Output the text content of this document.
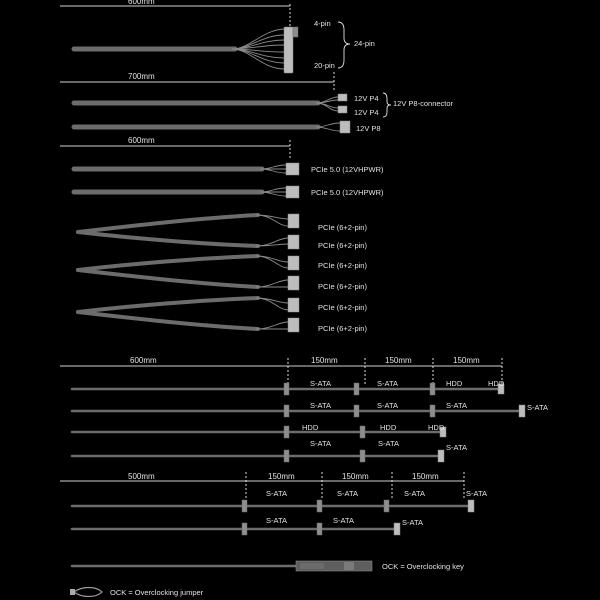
600mm
4-pin
24-pin
20-pin
700mm
12V P4
12V P4
12V P8-connector
12V P8
600mm
PCIe 5.0 (12VHPWR)
PCIe 5.0 (12VHPWR)
PCIe (6+2-pin)
PCIe (6+2-pin)
PCIe (6+2-pin)
PCIe (6+2-pin)
PCIe (6+2-pin)
PCIe (6+2-pin)
600mm	150mm	150mm	150mm
S-ATA	S-ATA	HDD	HDD
S-ATA	S-ATA	S-ATA	S-ATA
HDD	HDD	HDD
S-ATA	S-ATA	S-ATA
500mm	150mm	150mm	150mm
S-ATA	S-ATA	S-ATA	S-ATA
S-ATA	S-ATA	S-ATA
OCK = Overclocking key
OCK = Overclocking jumper
